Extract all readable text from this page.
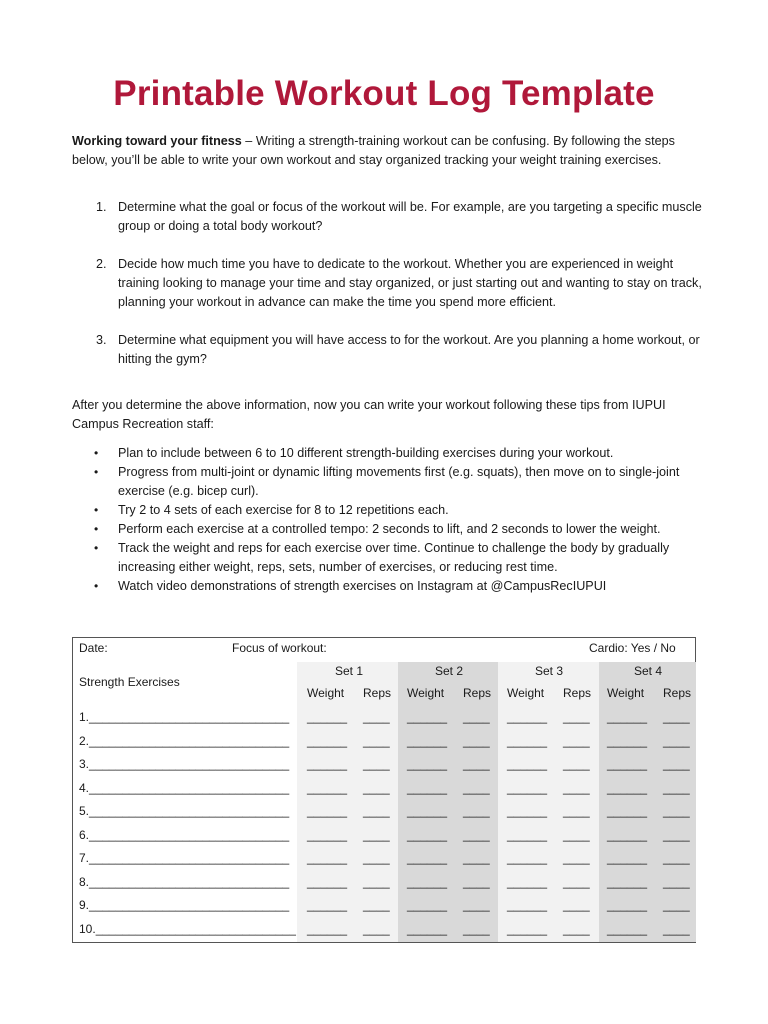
Printable Workout Log Template

Working toward your fitness – Writing a strength-training workout can be confusing. By following the steps below, you’ll be able to write your own workout and stay organized tracking your weight training exercises.

1. Determine what the goal or focus of the workout will be. For example, are you targeting a specific muscle group or doing a total body workout?
2. Decide how much time you have to dedicate to the workout. Whether you are experienced in weight training looking to manage your time and stay organized, or just starting out and wanting to stay on track, planning your workout in advance can make the time you spend more efficient.
3. Determine what equipment you will have access to for the workout. Are you planning a home workout, or hitting the gym?

After you determine the above information, now you can write your workout following these tips from IUPUI Campus Recreation staff:

• Plan to include between 6 to 10 different strength-building exercises during your workout.
• Progress from multi-joint or dynamic lifting movements first (e.g. squats), then move on to single-joint exercise (e.g. bicep curl).
• Try 2 to 4 sets of each exercise for 8 to 12 repetitions each.
• Perform each exercise at a controlled tempo: 2 seconds to lift, and 2 seconds to lower the weight.
• Track the weight and reps for each exercise over time. Continue to challenge the body by gradually increasing either weight, reps, sets, number of exercises, or reducing rest time.
• Watch video demonstrations of strength exercises on Instagram at @CampusRecIUPUI
Date:	Focus of workout:	Cardio: Yes / No
Strength Exercises
Set 1	Set 2	Set 3	Set 4
Weight Reps Weight Reps Weight Reps Weight Reps
1.______________________________ ______ ____ ______ ____ ______ ____ ______ ____
2.______________________________ ______ ____ ______ ____ ______ ____ ______ ____
3.______________________________ ______ ____ ______ ____ ______ ____ ______ ____
4.______________________________ ______ ____ ______ ____ ______ ____ ______ ____
5.______________________________ ______ ____ ______ ____ ______ ____ ______ ____
6.______________________________ ______ ____ ______ ____ ______ ____ ______ ____
7.______________________________ ______ ____ ______ ____ ______ ____ ______ ____
8.______________________________ ______ ____ ______ ____ ______ ____ ______ ____
9.______________________________ ______ ____ ______ ____ ______ ____ ______ ____
10.______________________________ ______ ____ ______ ____ ______ ____ ______ ____
